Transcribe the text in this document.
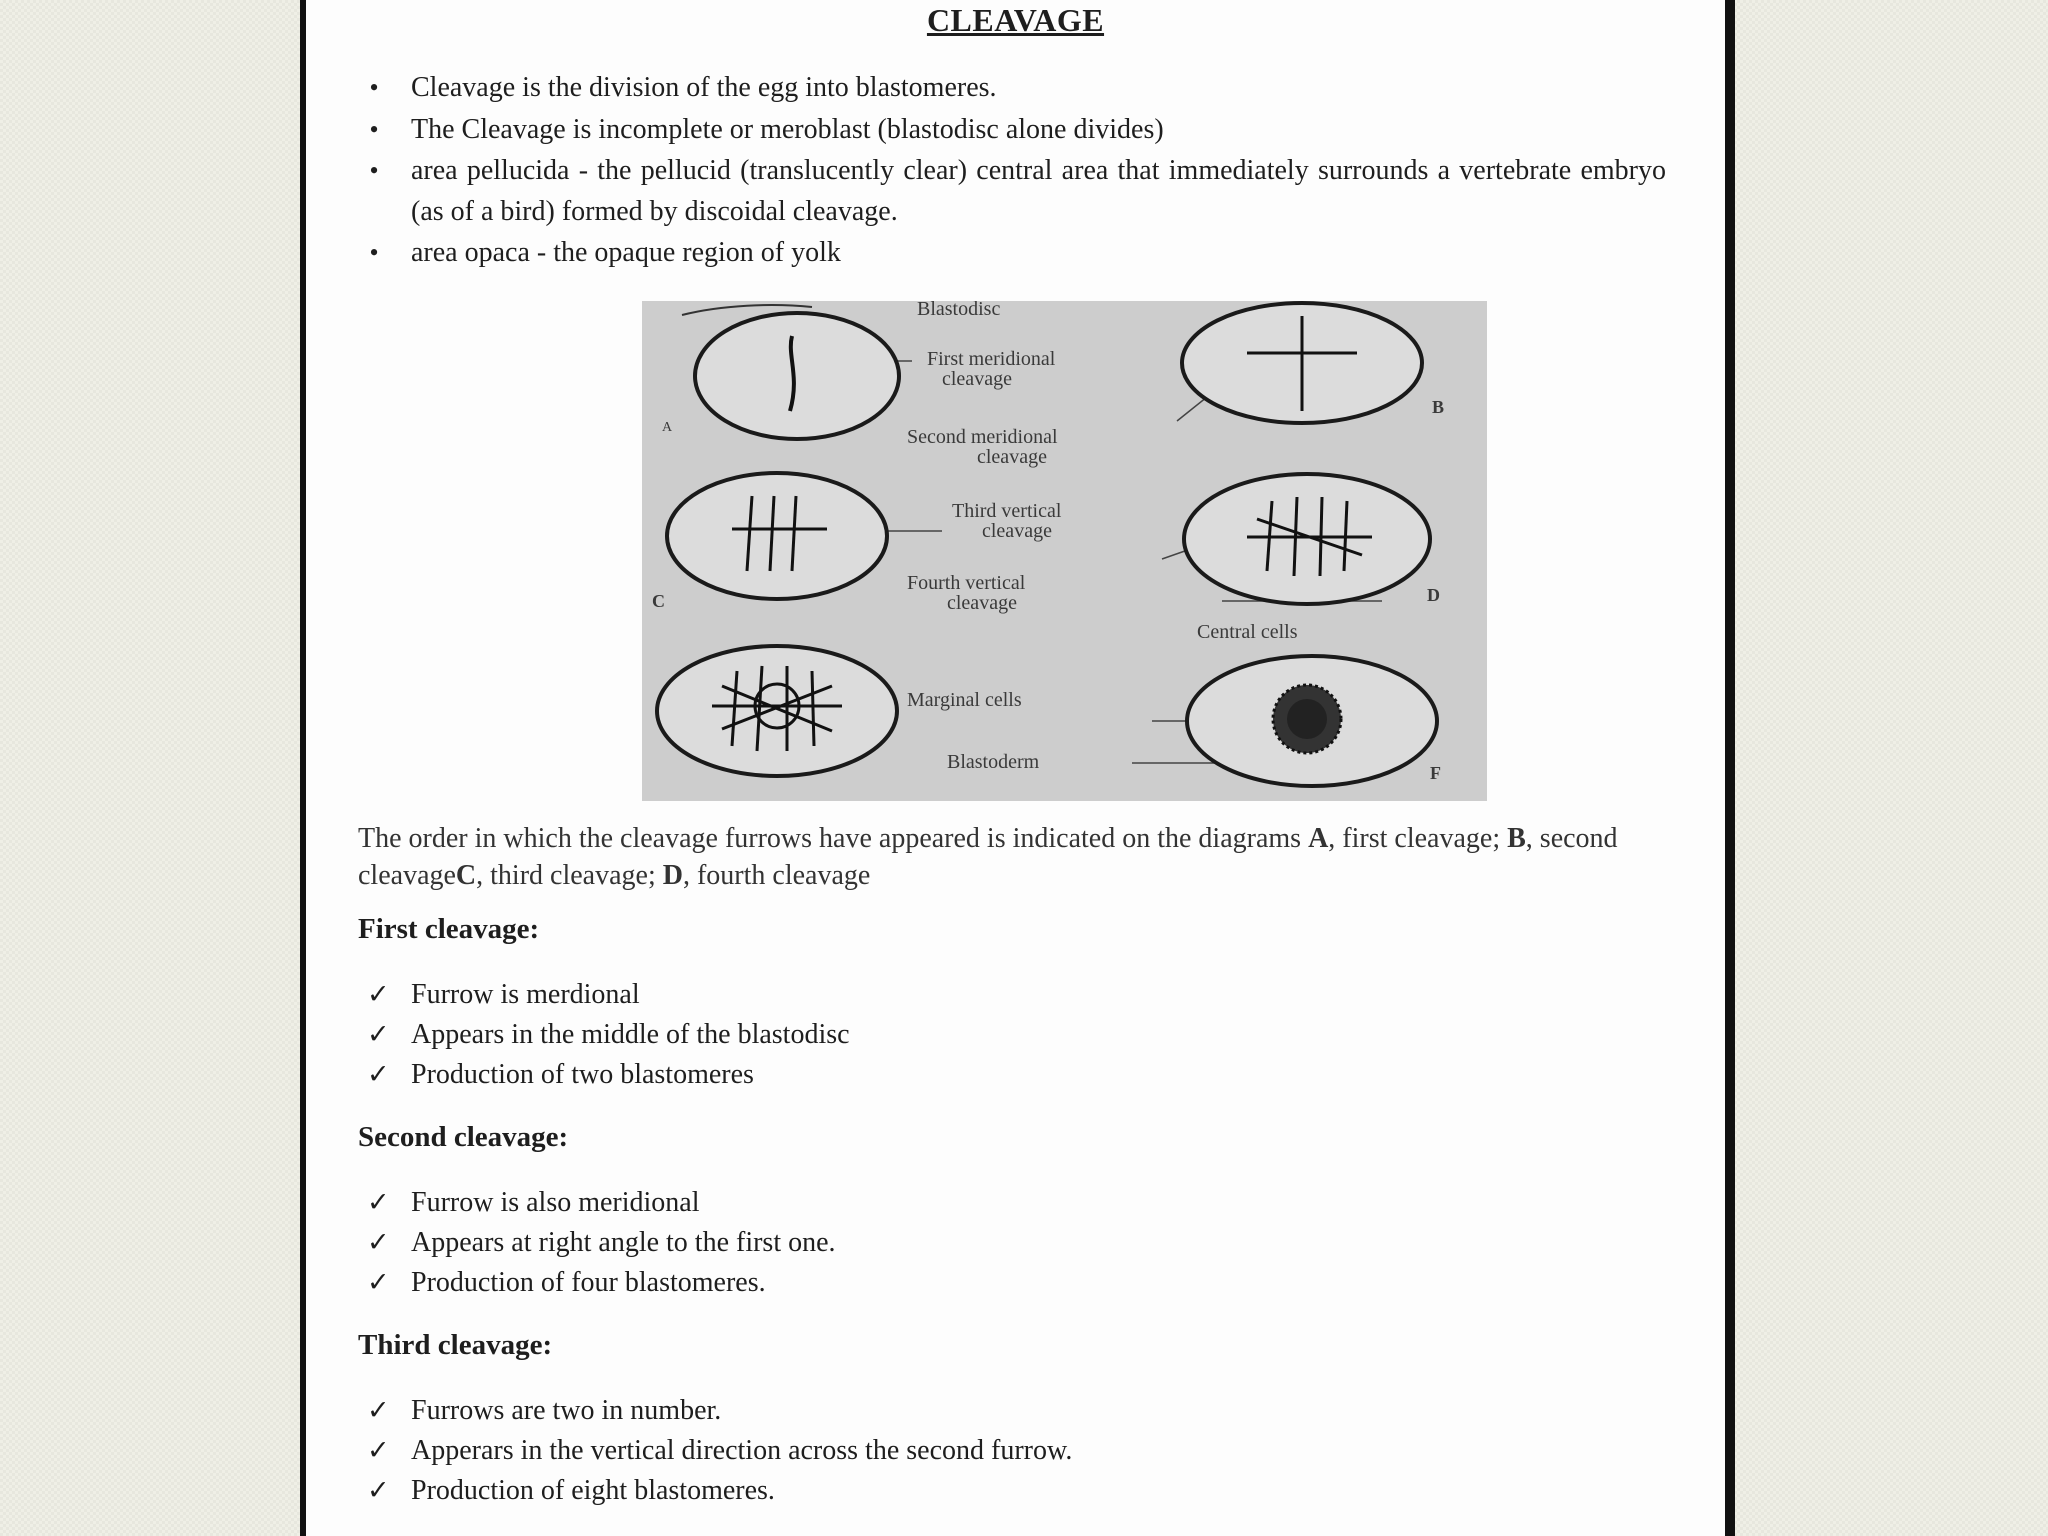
CLEAVAGE
• Cleavage is the division of the egg into blastomeres.
• The Cleavage is incomplete or meroblast (blastodisc alone divides)
• area pellucida - the pellucid (translucently clear) central area that immediately surrounds a vertebrate embryo (as of a bird) formed by discoidal cleavage.
• area opaca - the opaque region of yolk
Blastodisc
First meridional
cleavage
Second meridional
cleavage
Third vertical
cleavage
Fourth vertical
cleavage
Central cells
Marginal cells
Blastoderm
A
B
C	D
F
The order in which the cleavage furrows have appeared is indicated on the diagrams A, first cleavage; B, second cleavageC, third cleavage; D, fourth cleavage
First cleavage:
✓ Furrow is merdional
✓ Appears in the middle of the blastodisc
✓ Production of two blastomeres
Second cleavage:
✓ Furrow is also meridional
✓ Appears at right angle to the first one.
✓ Production of four blastomeres.
Third cleavage:
✓ Furrows are two in number.
✓ Apperars in the vertical direction across the second furrow.
✓ Production of eight blastomeres.
